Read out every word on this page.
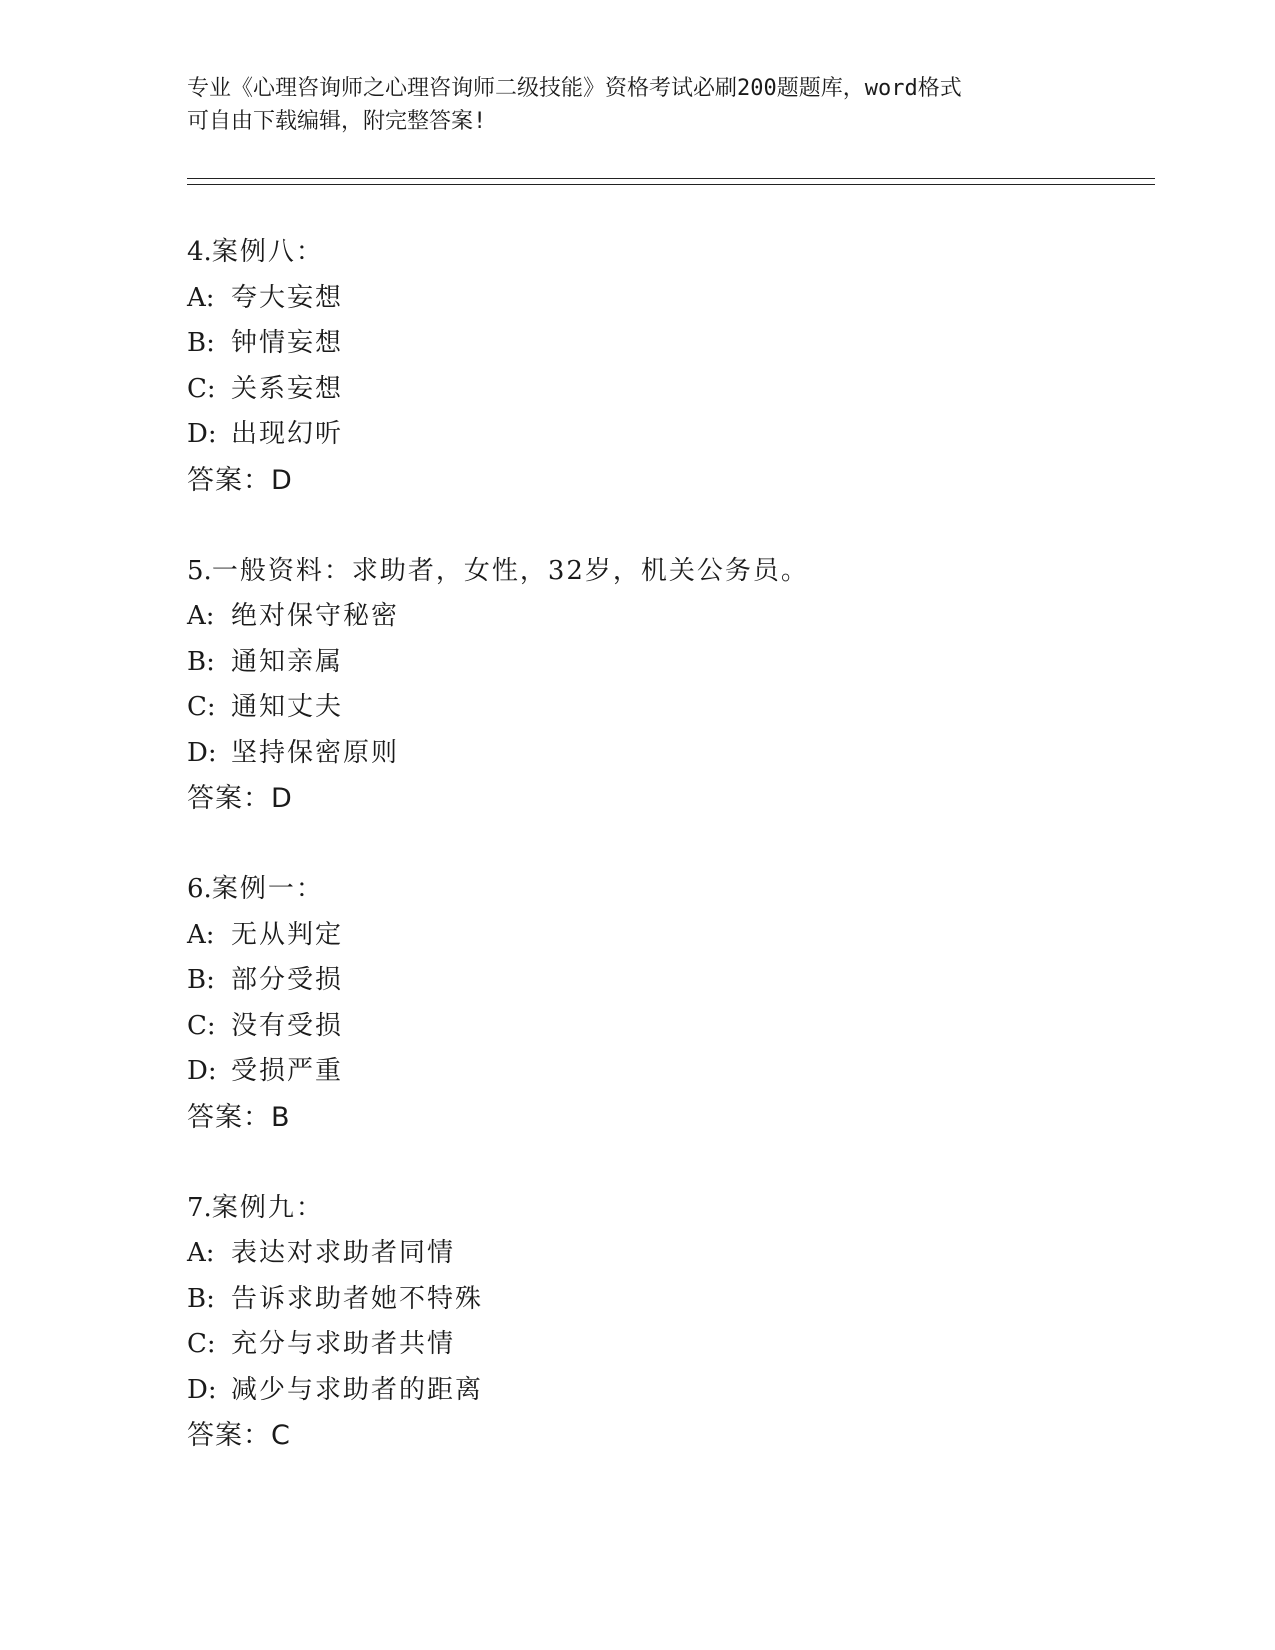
专业《心理咨询师之心理咨询师二级技能》资格考试必刷200题题库，word格式
可自由下载编辑，附完整答案!
4.案例八：
A: 夸大妄想
B: 钟情妄想
C: 关系妄想
D: 出现幻听
答案：D
5.一般资料：求助者，女性，32岁，机关公务员。
A: 绝对保守秘密
B: 通知亲属
C: 通知丈夫
D: 坚持保密原则
答案：D
6.案例一：
A: 无从判定
B: 部分受损
C: 没有受损
D: 受损严重
答案：B
7.案例九：
A: 表达对求助者同情
B: 告诉求助者她不特殊
C: 充分与求助者共情
D: 减少与求助者的距离
答案：C
